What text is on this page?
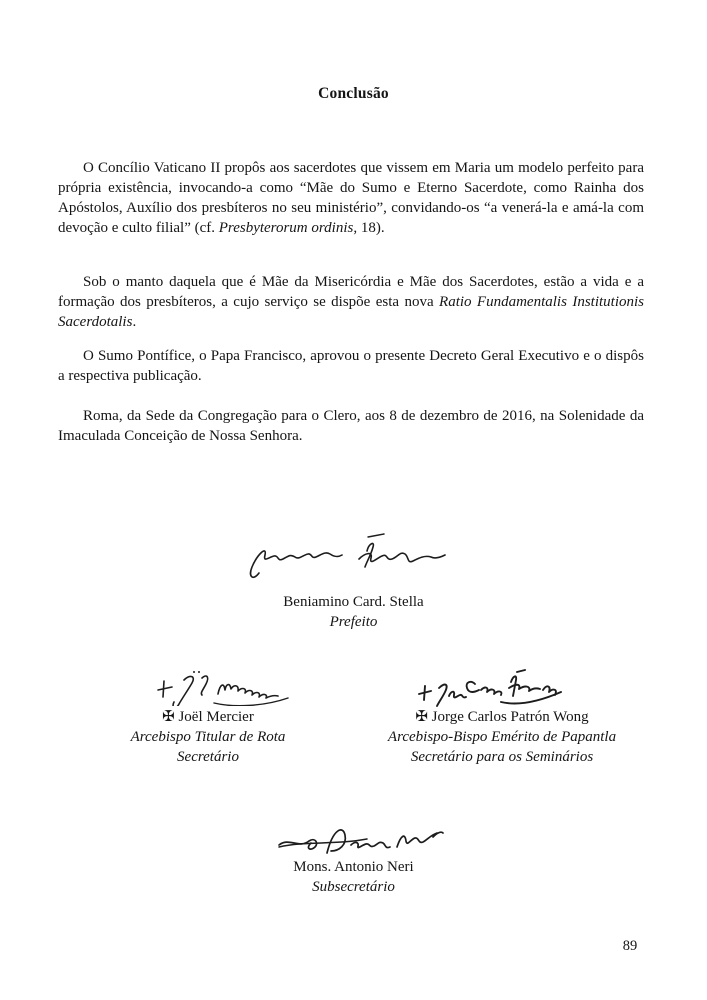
Conclusão

O Concílio Vaticano II propôs aos sacerdotes que vissem em Maria um modelo perfeito para própria existência, invocando-a como “Mãe do Sumo e Eterno Sacerdote, como Rainha dos Apóstolos, Auxílio dos presbíteros no seu ministério”, convidando-os “a venerá-la e amá-la com devoção e culto filial” (cf. Presbyterorum ordinis, 18).

Sob o manto daquela que é Mãe da Misericórdia e Mãe dos Sacerdotes, estão a vida e a formação dos presbíteros, a cujo serviço se dispõe esta nova Ratio Fundamentalis Institutionis Sacerdotalis.

O Sumo Pontífice, o Papa Francisco, aprovou o presente Decreto Geral Executivo e o dispôs a respectiva publicação.

Roma, da Sede da Congregação para o Clero, aos 8 de dezembro de 2016, na Solenidade da Imaculada Conceição de Nossa Senhora.

Beniamino Card. Stella
Prefeito
✠ Joël Mercier
Arcebispo Titular de Rota
Secretário
✠ Jorge Carlos Patrón Wong
Arcebispo-Bispo Emérito de Papantla
Secretário para os Seminários
Mons. Antonio Neri
Subsecretário
89
